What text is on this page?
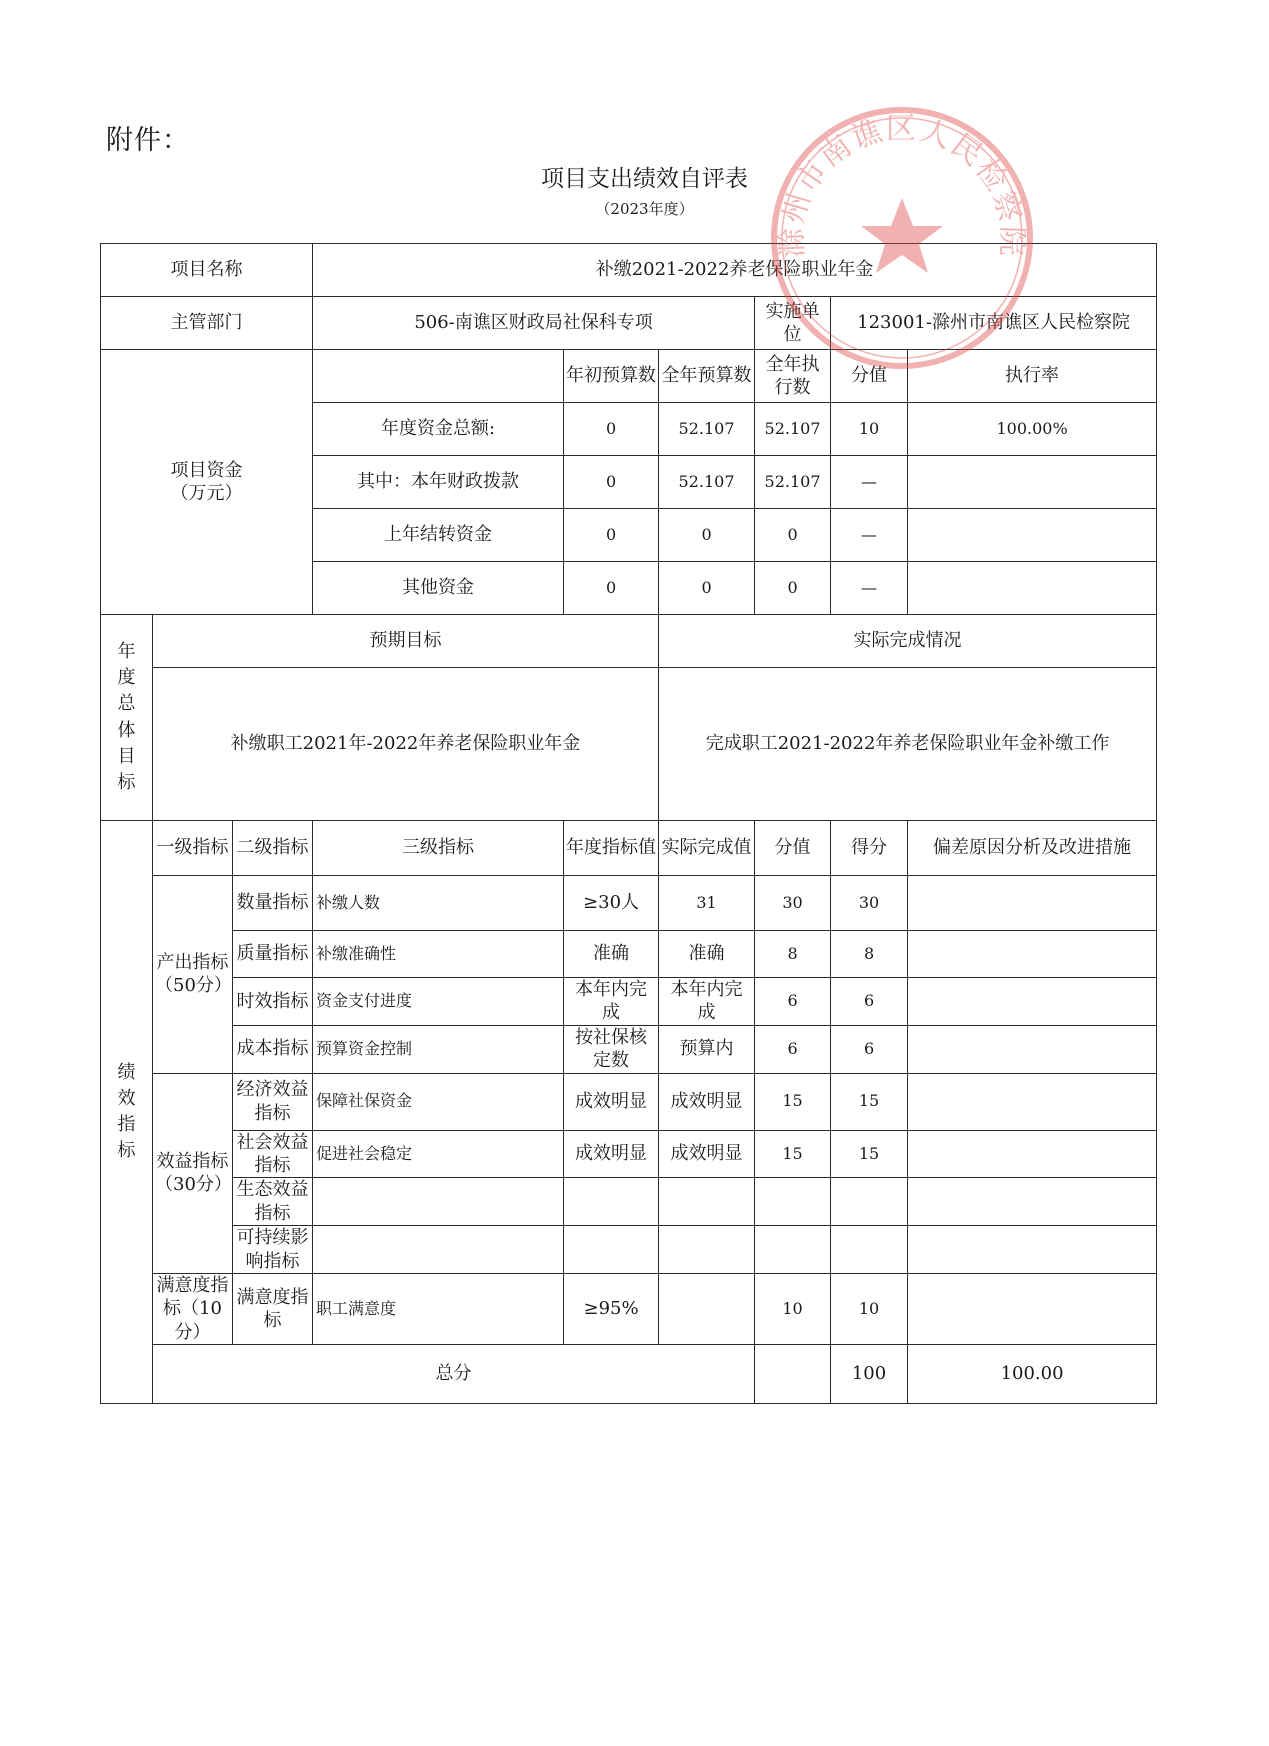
附件：
项目支出绩效自评表
（2023年度）
项目名称			补缴2021-2022养老保险职业年金						
主管部门			506-南谯区财政局社保科专项			实施单位	123001-滁州市南谯区人民检察院		
项目资金
（万元）				年初预算数	全年预算数	全年执行数	分值	执行率	
			年度资金总额:	0	52.107	52.107	10	100.00%	
			其中：本年财政拨款	0	52.107	52.107	—		
			上年结转资金	0	0	0	—		
			其他资金	0	0	0	—		
年度总体目标	预期目标				实际完成情况				
	补缴职工2021年-2022年养老保险职业年金				完成职工2021-2022年养老保险职业年金补缴工作				
绩效指标	一级指标	二级指标	三级指标	年度指标值	实际完成值	分值	得分	偏差原因分析及改进措施	
	产出指标（50分）	数量指标	补缴人数	≥30人	31	30	30		
		质量指标	补缴准确性	准确	准确	8	8		
		时效指标	资金支付进度	本年内完成	本年内完成	6	6		
		成本指标	预算资金控制	按社保核定数	预算内	6	6		
	效益指标（30分）	经济效益指标	保障社保资金	成效明显	成效明显	15	15		
		社会效益指标	促进社会稳定	成效明显	成效明显	15	15		
		生态效益指标							
		可持续影响指标							
	满意度指标（10分）	满意度指标	职工满意度	≥95%		10	10		
	总分						100	100.00	
滁州市南谯区人民检察院
